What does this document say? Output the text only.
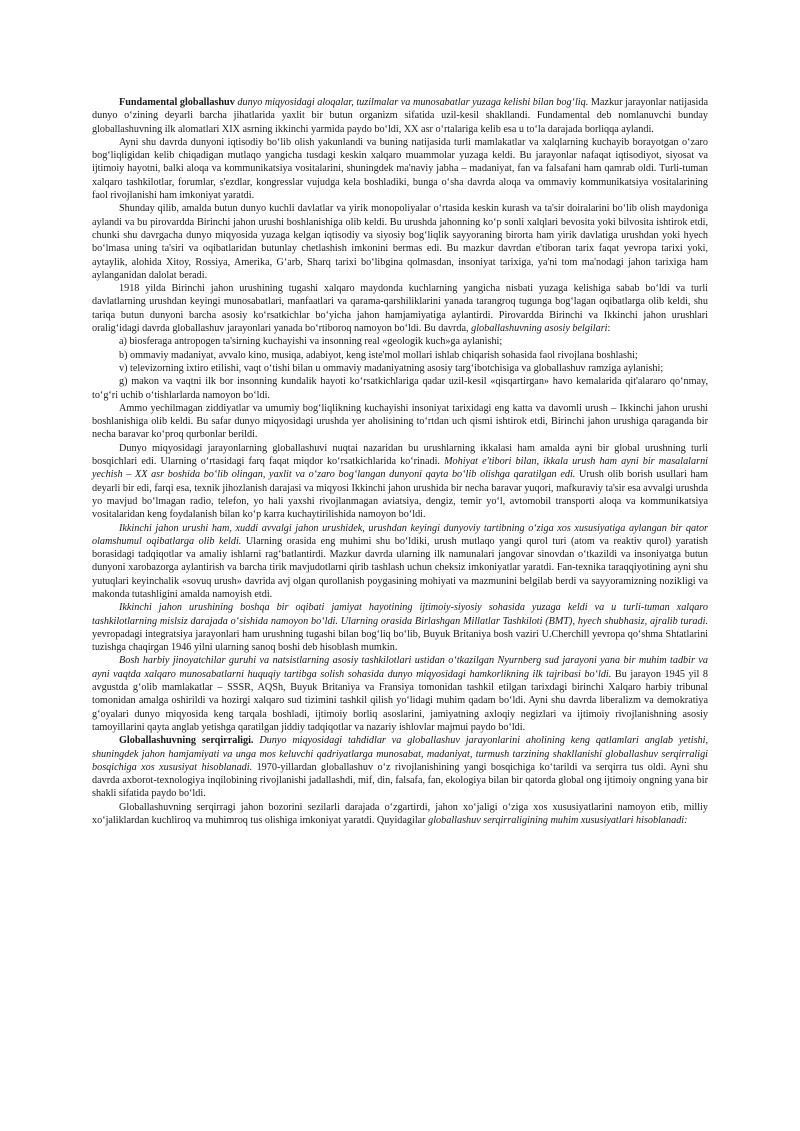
Fundamental globallashuv dunyo miqyosidagi aloqalar, tuzilmalar va munosabatlar yuzaga kelishi bilan bog‘liq. Mazkur jarayonlar natijasida dunyo o‘zining deyarli barcha jihatlarida yaxlit bir butun organizm sifatida uzil-kesil shakllandi. Fundamental deb nomlanuvchi bunday globallashuvning ilk alomatlari XIX asrning ikkinchi yarmida paydo bo‘ldi, XX asr o‘rtalariga kelib esa u to‘la darajada borliqqa aylandi.

Ayni shu davrda dunyoni iqtisodiy bo‘lib olish yakunlandi va buning natijasida turli mamlakatlar va xalqlarning kuchayib borayotgan o‘zaro bog‘liqligidan kelib chiqadigan mutlaqo yangicha tusdagi keskin xalqaro muammolar yuzaga keldi. Bu jarayonlar nafaqat iqtisodiyot, siyosat va ijtimoiy hayotni, balki aloqa va kommunikatsiya vositalarini, shuningdek ma'naviy jabha – madaniyat, fan va falsafani ham qamrab oldi. Turli-tuman xalqaro tashkilotlar, forumlar, s'ezdlar, kongresslar vujudga kela boshladiki, bunga o‘sha davrda aloqa va ommaviy kommunikatsiya vositalarining faol rivojlanishi ham imkoniyat yaratdi.

Shunday qilib, amalda butun dunyo kuchli davlatlar va yirik monopoliyalar o‘rtasida keskin kurash va ta'sir doiralarini bo‘lib olish maydoniga aylandi va bu pirovardda Birinchi jahon urushi boshlanishiga olib keldi. Bu urushda jahonning ko‘p sonli xalqlari bevosita yoki bilvosita ishtirok etdi, chunki shu davrgacha dunyo miqyosida yuzaga kelgan iqtisodiy va siyosiy bog‘liqlik sayyoraning birorta ham yirik davlatiga urushdan yoki hyech bo‘lmasa uning ta'siri va oqibatlaridan butunlay chetlashish imkonini bermas edi. Bu mazkur davrdan e'tiboran tarix faqat yevropa tarixi yoki, aytaylik, alohida Xitoy, Rossiya, Amerika, G‘arb, Sharq tarixi bo‘libgina qolmasdan, insoniyat tarixiga, ya'ni tom ma'nodagi jahon tarixiga ham aylanganidan dalolat beradi.

1918 yilda Birinchi jahon urushining tugashi xalqaro maydonda kuchlarning yangicha nisbati yuzaga kelishiga sabab bo‘ldi va turli davlatlarning urushdan keyingi munosabatlari, manfaatlari va qarama-qarshiliklarini yanada tarangroq tugunga bog‘lagan oqibatlarga olib keldi, shu tariqa butun dunyoni barcha asosiy ko‘rsatkichlar bo‘yicha jahon hamjamiyatiga aylantirdi. Pirovardda Birinchi va Ikkinchi jahon urushlari oralig‘idagi davrda globallashuv jarayonlari yanada bo‘rtiboroq namoyon bo‘ldi. Bu davrda, globallashuvning asosiy belgilari:

a) biosferaga antropogen ta'sirning kuchayishi va insonning real «geologik kuch»ga aylanishi;

b) ommaviy madaniyat, avvalo kino, musiqa, adabiyot, keng iste'mol mollari ishlab chiqarish sohasida faol rivojlana boshlashi;

v) televizorning ixtiro etilishi, vaqt o‘tishi bilan u ommaviy madaniyatning asosiy targ‘ibotchisiga va globallashuv ramziga aylanishi;

g) makon va vaqtni ilk bor insonning kundalik hayoti ko‘rsatkichlariga qadar uzil-kesil «qisqartirgan» havo kemalarida qit'alararo qo‘nmay, to‘g‘ri uchib o‘tishlarlarda namoyon bo‘ldi.

Ammo yechilmagan ziddiyatlar va umumiy bog‘liqlikning kuchayishi insoniyat tarixidagi eng katta va davomli urush – Ikkinchi jahon urushi boshlanishiga olib keldi. Bu safar dunyo miqyosidagi urushda yer aholisining to‘rtdan uch qismi ishtirok etdi, Birinchi jahon urushiga qaraganda bir necha baravar ko‘proq qurbonlar berildi.

Dunyo miqyosidagi jarayonlarning globallashuvi nuqtai nazaridan bu urushlarning ikkalasi ham amalda ayni bir global urushning turli bosqichlari edi. Ularning o‘rtasidagi farq faqat miqdor ko‘rsatkichlarida ko‘rinadi. Mohiyat e'tibori bilan, ikkala urush ham ayni bir masalalarni yechish – XX asr boshida bo‘lib olingan, yaxlit va o‘zaro bog‘langan dunyoni qayta bo‘lib olishga qaratilgan edi. Urush olib borish usullari ham deyarli bir edi, farqi esa, texnik jihozlanish darajasi va miqyosi Ikkinchi jahon urushida bir necha baravar yuqori, mafkuraviy ta'sir esa avvalgi urushda yo mavjud bo‘lmagan radio, telefon, yo hali yaxshi rivojlanmagan aviatsiya, dengiz, temir yo‘l, avtomobil transporti aloqa va kommunikatsiya vositalaridan keng foydalanish bilan ko‘p karra kuchaytirilishida namoyon bo‘ldi.

Ikkinchi jahon urushi ham, xuddi avvalgi jahon urushidek, urushdan keyingi dunyoviy tartibning o‘ziga xos xususiyatiga aylangan bir qator olamshumul oqibatlarga olib keldi. Ularning orasida eng muhimi shu bo‘ldiki, urush mutlaqo yangi qurol turi (atom va reaktiv qurol) yaratish borasidagi tadqiqotlar va amaliy ishlarni rag‘batlantirdi. Mazkur davrda ularning ilk namunalari jangovar sinovdan o‘tkazildi va insoniyatga butun dunyoni xarobazorga aylantirish va barcha tirik mavjudotlarni qirib tashlash uchun cheksiz imkoniyatlar yaratdi. Fan-texnika taraqqiyotining ayni shu yutuqlari keyinchalik «sovuq urush» davrida avj olgan qurollanish poygasining mohiyati va mazmunini belgilab berdi va sayyoramizning nozikligi va makonda tutashligini amalda namoyish etdi.

Ikkinchi jahon urushining boshqa bir oqibati jamiyat hayotining ijtimoiy-siyosiy sohasida yuzaga keldi va u turli-tuman xalqaro tashkilotlarning mislsiz darajada o‘sishida namoyon bo‘ldi. Ularning orasida Birlashgan Millatlar Tashkiloti (BMT), hyech shubhasiz, ajralib turadi. yevropadagi integratsiya jarayonlari ham urushning tugashi bilan bog‘liq bo‘lib, Buyuk Britaniya bosh vaziri U.Cherchill yevropa qo‘shma Shtatlarini tuzishga chaqirgan 1946 yilni ularning sanoq boshi deb hisoblash mumkin.

Bosh harbiy jinoyatchilar guruhi va natsistlarning asosiy tashkilotlari ustidan o‘tkazilgan Nyurnberg sud jarayoni yana bir muhim tadbir va ayni vaqtda xalqaro munosabatlarni huquqiy tartibga solish sohasida dunyo miqyosidagi hamkorlikning ilk tajribasi bo‘ldi. Bu jarayon 1945 yil 8 avgustda g‘olib mamlakatlar – SSSR, AQSh, Buyuk Britaniya va Fransiya tomonidan tashkil etilgan tarixdagi birinchi Xalqaro harbiy tribunal tomonidan amalga oshirildi va hozirgi xalqaro sud tizimini tashkil qilish yo‘lidagi muhim qadam bo‘ldi. Ayni shu davrda liberalizm va demokratiya g‘oyalari dunyo miqyosida keng tarqala boshladi, ijtimoiy borliq asoslarini, jamiyatning axloqiy negizlari va ijtimoiy rivojlanishning asosiy tamoyillarini qayta anglab yetishga qaratilgan jiddiy tadqiqotlar va nazariy ishlovlar majmui paydo bo‘ldi.

Globallashuvning serqirraligi. Dunyo miqyosidagi tahdidlar va globallashuv jarayonlarini aholining keng qatlamlari anglab yetishi, shuningdek jahon hamjamiyati va unga mos keluvchi qadriyatlarga munosabat, madaniyat, turmush tarzining shakllanishi globallashuv serqirraligi bosqichiga xos xususiyat hisoblanadi. 1970-yillardan globallashuv o‘z rivojlanishining yangi bosqichiga ko‘tarildi va serqirra tus oldi. Ayni shu davrda axborot-texnologiya inqilobining rivojlanishi jadallashdi, mif, din, falsafa, fan, ekologiya bilan bir qatorda global ong ijtimoiy ongning yana bir shakli sifatida paydo bo‘ldi.

Globallashuvning serqirragi jahon bozorini sezilarli darajada o‘zgartirdi, jahon xo‘jaligi o‘ziga xos xususiyatlarini namoyon etib, milliy xo‘jaliklardan kuchliroq va muhimroq tus olishiga imkoniyat yaratdi. Quyidagilar globallashuv serqirraligining muhim xususiyatlari hisoblanadi:
